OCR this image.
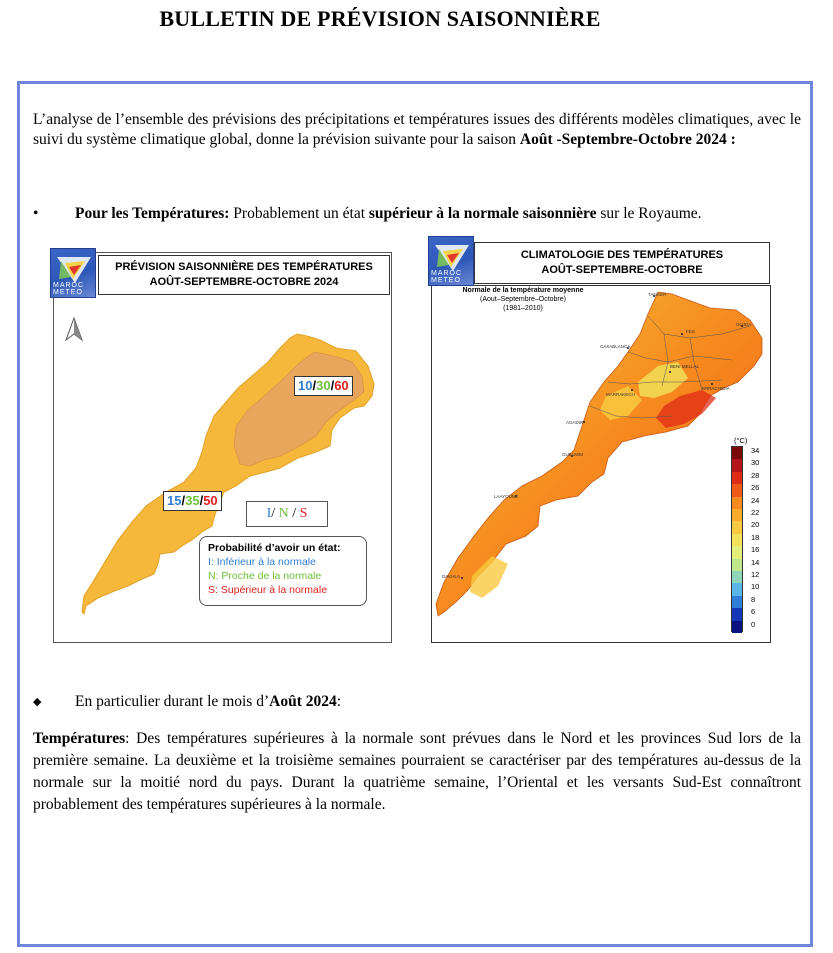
BULLETIN DE PRÉVISION SAISONNIÈRE
L’analyse de l’ensemble des prévisions des précipitations et températures issues des différents modèles climatiques, avec le suivi du système climatique global, donne la prévision suivante pour la saison Août -Septembre-Octobre 2024 :
• Pour les Températures: Probablement un état supérieur à la normale saisonnière sur le Royaume.
MAROC
METEO
PRÉVISION SAISONNIÈRE DES TEMPÉRATURES
AOÛT-SEPTEMBRE-OCTOBRE 2024
10/30/60
15/35/50
I/ N / S
Probabilité d’avoir un état:
I: Inférieur à la normale
N: Proche de la normale
S: Supérieur à la normale
MAROC
METEO
CLIMATOLOGIE DES TEMPÉRATURES
AOÛT-SEPTEMBRE-OCTOBRE
Normale de la température moyenne
(Aout–Septembre–Octobre)
(1981–2010)
TANGER
OUJDA
FES
CASABLANCA
BENI MELLAL
MARRAKECH
ERRACHIDIA
AGADIR
GUELMIM
LAAYOUNE
DAKHLA
(°C)
34
30
28
26
24
22
20
18
16
14
12
10
8
6
0
◆ En particulier durant le mois d’Août 2024:
Températures: Des températures supérieures à la normale sont prévues dans le Nord et les provinces Sud lors de la première semaine. La deuxième et la troisième semaines pourraient se caractériser par des températures au-dessus de la normale sur la moitié nord du pays. Durant la quatrième semaine, l’Oriental et les versants Sud-Est connaîtront probablement des températures supérieures à la normale.
